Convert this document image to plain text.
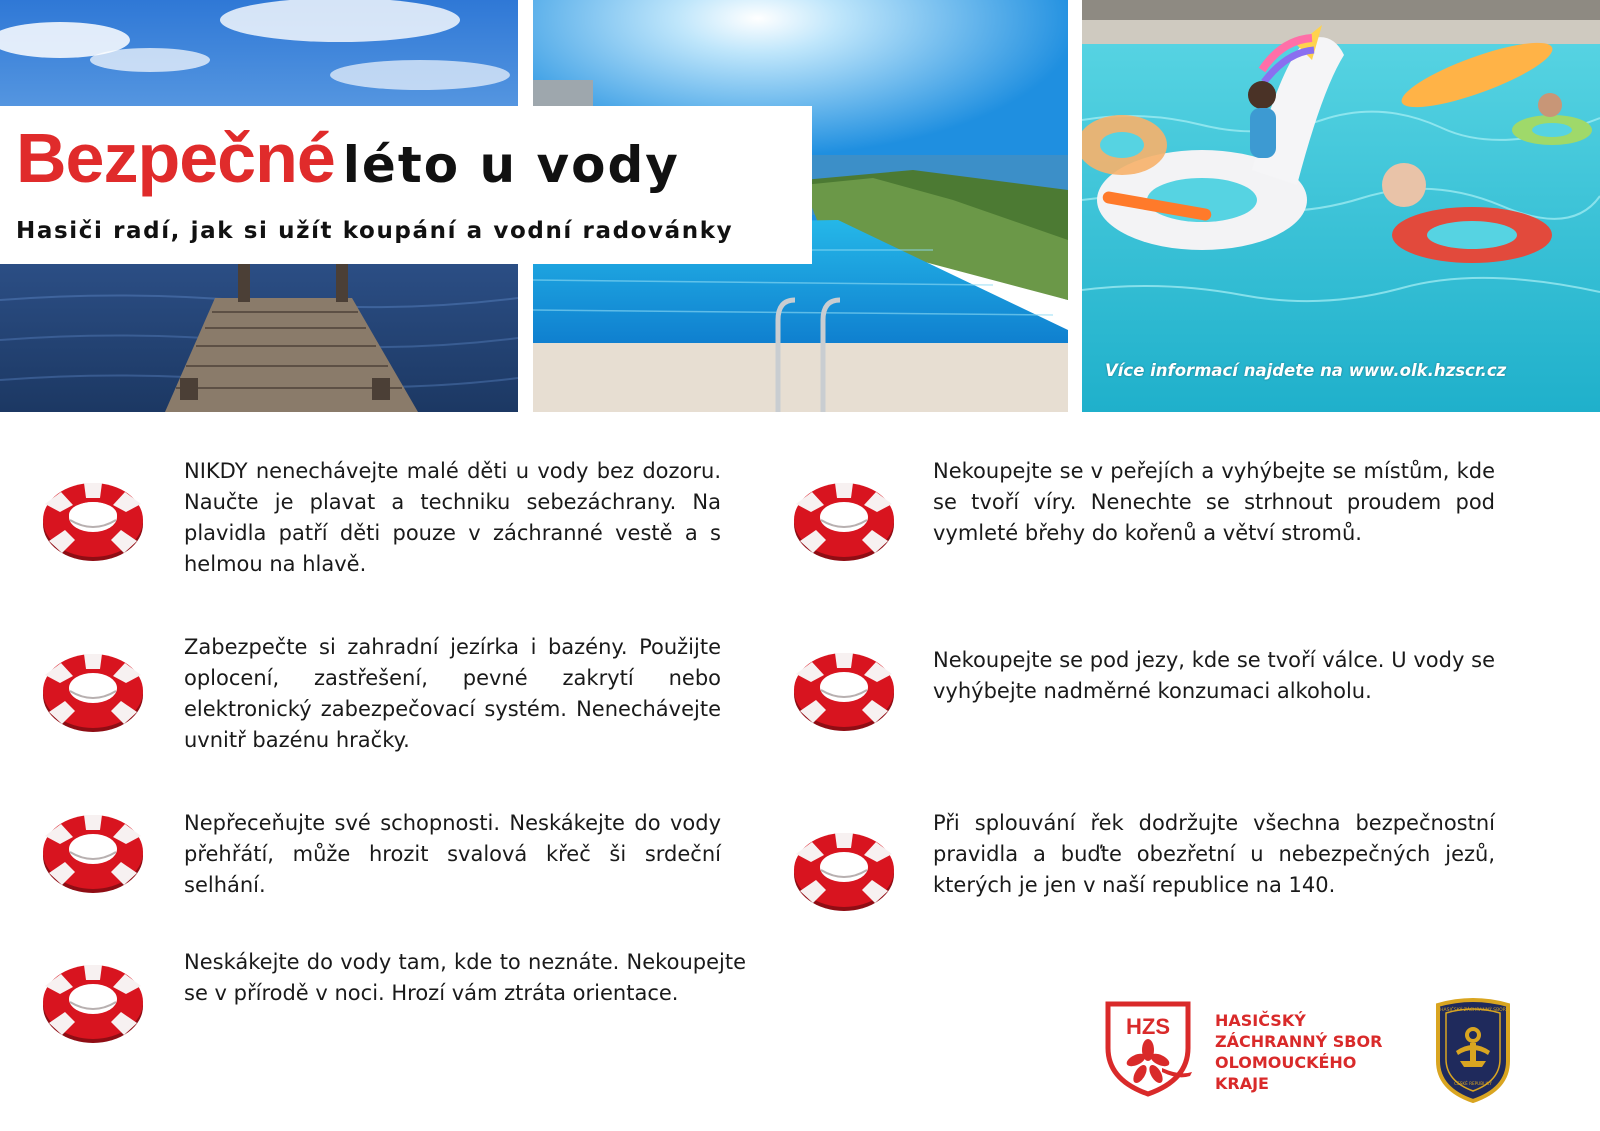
Bezpečné léto u vody
Hasiči radí, jak si užít koupání a vodní radovánky
Více informací najdete na www.olk.hzscr.cz

NIKDY nenechávejte malé děti u vody bez dozoru. Naučte je plavat a techniku sebezáchrany. Na plavidla patří děti pouze v záchranné vestě a s helmou na hlavě.

Zabezpečte si zahradní jezírka i bazény. Použijte oplocení, zastřešení, pevné zakrytí nebo elektronický zabezpečovací systém. Nenechávejte uvnitř bazénu hračky.

Nepřeceňujte své schopnosti. Neskákejte do vody přehřátí, může hrozit svalová křeč ši srdeční selhání.

Neskákejte do vody tam, kde to neznáte. Nekoupejte se v přírodě v noci. Hrozí vám ztráta orientace.

Nekoupejte se v peřejích a vyhýbejte se místům, kde se tvoří víry. Nenechte se strhnout proudem pod vymleté břehy do kořenů a větví stromů.

Nekoupejte se pod jezy, kde se tvoří válce. U vody se vyhýbejte nadměrné konzumaci alkoholu.

Při splouvání řek dodržujte všechna bezpečnostní pravidla a buďte obezřetní u nebezpečných jezů, kterých je jen v naší republice na 140.

HZS	HASIČSKÝ
ZÁCHRANNÝ SBOR
OLOMOUCKÉHO
KRAJE
HASIČSKÝ ZÁCHRANNÝ SBOR
ČESKÉ REPUBLIKY
